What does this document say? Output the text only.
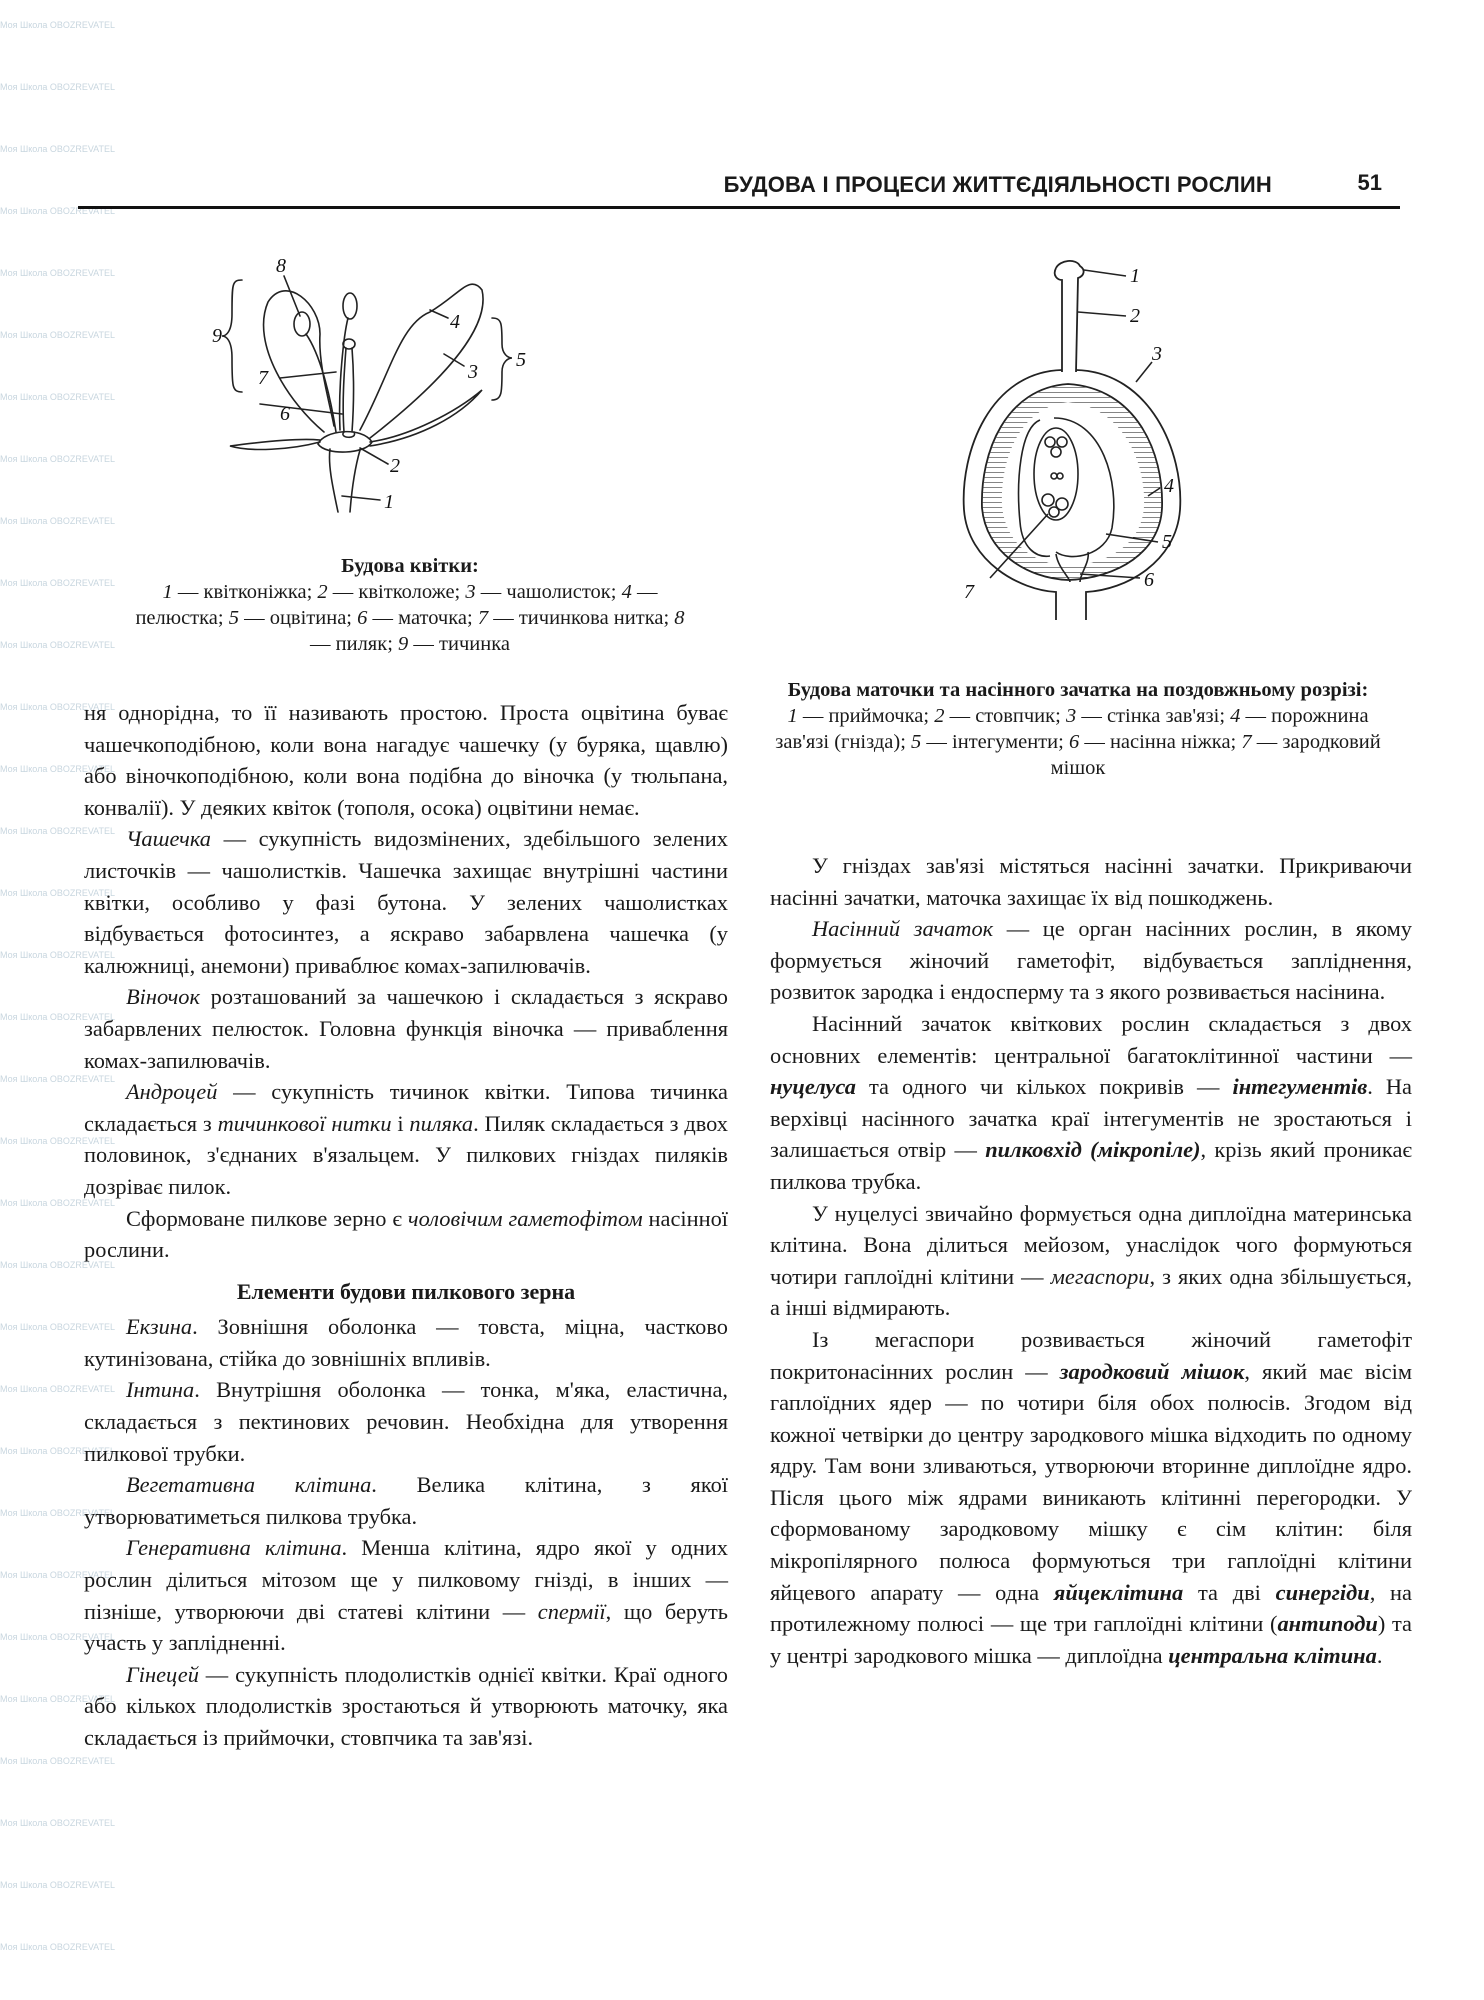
Моя Школа OBOZREVATEL
Моя Школа OBOZREVATEL
Моя Школа OBOZREVATEL
Моя Школа OBOZREVATEL
Моя Школа OBOZREVATEL
Моя Школа OBOZREVATEL
Моя Школа OBOZREVATEL
Моя Школа OBOZREVATEL
Моя Школа OBOZREVATEL
Моя Школа OBOZREVATEL
Моя Школа OBOZREVATEL
Моя Школа OBOZREVATEL
Моя Школа OBOZREVATEL
Моя Школа OBOZREVATEL
Моя Школа OBOZREVATEL
Моя Школа OBOZREVATEL
Моя Школа OBOZREVATEL
Моя Школа OBOZREVATEL
Моя Школа OBOZREVATEL
Моя Школа OBOZREVATEL
Моя Школа OBOZREVATEL
Моя Школа OBOZREVATEL
Моя Школа OBOZREVATEL
Моя Школа OBOZREVATEL
Моя Школа OBOZREVATEL
Моя Школа OBOZREVATEL
Моя Школа OBOZREVATEL
Моя Школа OBOZREVATEL
Моя Школа OBOZREVATEL
Моя Школа OBOZREVATEL
Моя Школа OBOZREVATEL
Моя Школа OBOZREVATEL
БУДОВА І ПРОЦЕСИ ЖИТТЄДІЯЛЬНОСТІ РОСЛИН	51
8
9
7
6
4
5
3
2
1
Будова квітки:
1 — квітконіжка; 2 — квітколоже; 3 — чашолисток; 4 — пелюстка; 5 — оцвітина; 6 — маточка; 7 — тичинкова нитка; 8 — пиляк; 9 — тичинка
1
2
3
4
5
6
7
Будова маточки та насінного зачатка на поздовжньому розрізі:
1 — приймочка; 2 — стовпчик; 3 — стінка зав'язі; 4 — порожнина зав'язі (гнізда); 5 — інтегументи; 6 — насінна ніжка; 7 — зародковий мішок

ня однорідна, то її називають простою. Проста оцвітина буває чашечкоподібною, коли вона нагадує чашечку (у буряка, щавлю) або віночкоподібною, коли вона подібна до віночка (у тюльпана, конвалії). У деяких квіток (тополя, осока) оцвітини немає.

Чашечка — сукупність видозмінених, здебільшого зелених листочків — чашолистків. Чашечка захищає внутрішні частини квітки, особливо у фазі бутона. У зелених чашолистках відбувається фотосинтез, а яскраво забарвлена чашечка (у калюжниці, анемони) приваблює комах-запилювачів.

Віночок розташований за чашечкою і складається з яскраво забарвлених пелюсток. Головна функція віночка — приваблення комах-запилювачів.

Андроцей — сукупність тичинок квітки. Типова тичинка складається з тичинкової нитки і пиляка. Пиляк складається з двох половинок, з'єднаних в'язальцем. У пилкових гніздах пиляків дозріває пилок.

Сформоване пилкове зерно є чоловічим гаметофітом насінної рослини.

Елементи будови пилкового зерна

Екзина. Зовнішня оболонка — товста, міцна, частково кутинізована, стійка до зовнішніх впливів.

Інтина. Внутрішня оболонка — тонка, м'яка, еластична, складається з пектинових речовин. Необхідна для утворення пилкової трубки.

Вегетативна клітина. Велика клітина, з якої утворюватиметься пилкова трубка.

Генеративна клітина. Менша клітина, ядро якої у одних рослин ділиться мітозом ще у пилковому гнізді, в інших — пізніше, утворюючи дві статеві клітини — спермії, що беруть участь у заплідненні.

Гінецей — сукупність плодолистків однієї квітки. Краї одного або кількох плодолистків зростаються й утворюють маточку, яка складається із приймочки, стовпчика та зав'язі.

У гніздах зав'язі містяться насінні зачатки. Прикриваючи насінні зачатки, маточка захищає їх від пошкоджень.

Насінний зачаток — це орган насінних рослин, в якому формується жіночий гаметофіт, відбувається запліднення, розвиток зародка і ендосперму та з якого розвивається насінина.

Насінний зачаток квіткових рослин складається з двох основних елементів: центральної багатоклітинної частини — нуцелуса та одного чи кількох покривів — інтегументів. На верхівці насінного зачатка краї інтегументів не зростаються і залишається отвір — пилковхід (мікропіле), крізь який проникає пилкова трубка.

У нуцелусі звичайно формується одна диплоїдна материнська клітина. Вона ділиться мейозом, унаслідок чого формуються чотири гаплоїдні клітини — мегаспори, з яких одна збільшується, а інші відмирають.

Із мегаспори розвивається жіночий гаметофіт покритонасінних рослин — зародковий мішок, який має вісім гаплоїдних ядер — по чотири біля обох полюсів. Згодом від кожної четвірки до центру зародкового мішка відходить по одному ядру. Там вони зливаються, утворюючи вторинне диплоїдне ядро. Після цього між ядрами виникають клітинні перегородки. У сформованому зародковому мішку є сім клітин: біля мікропілярного полюса формуються три гаплоїдні клітини яйцевого апарату — одна яйцеклітина та дві синергіди, на протилежному полюсі — ще три гаплоїдні клітини (антиподи) та у центрі зародкового мішка — диплоїдна центральна клітина.
